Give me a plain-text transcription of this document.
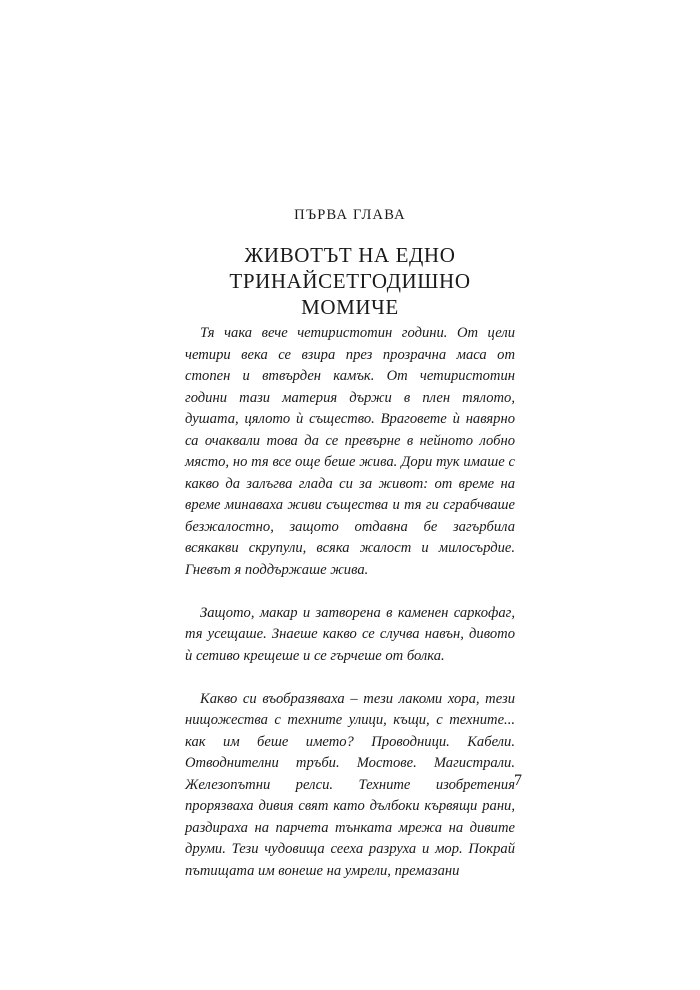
ПЪРВА ГЛАВА
ЖИВОТЪТ НА ЕДНО
ТРИНАЙСЕТГОДИШНО
МОМИЧЕ

Тя чака вече четиристотин години. От цели четири века се взира през прозрачна маса от стопен и втвърден камък. От четиристотин години тази материя държи в плен тялото, душата, цялото ѝ същество. Враговете ѝ навярно са очаквали това да се превърне в нейното лобно място, но тя все още беше жива. Дори тук имаше с какво да залъгва глада си за живот: от време на време минаваха живи същества и тя ги сграбчваше безжалостно, защото отдавна бе загърбила всякакви скрупули, всяка жалост и милосърдие. Гневът я поддържаше жива.

Защото, макар и затворена в каменен саркофаг, тя усещаше. Знаеше какво се случва навън, дивото ѝ сетиво крещеше и се гърчеше от болка.

Какво си въобразяваха – тези лакоми хора, тези нищожества с техните улици, къщи, с техните... как им беше името? Проводници. Кабели. Отводнителни тръби. Мостове. Магистрали. Железопътни релси. Техните изобретения прорязваха дивия свят като дълбоки кървящи рани, раздираха на парчета тънката мрежа на дивите друми. Тези чудовища сееха разруха и мор. Покрай пътищата им вонеше на умрели, премазани

7
